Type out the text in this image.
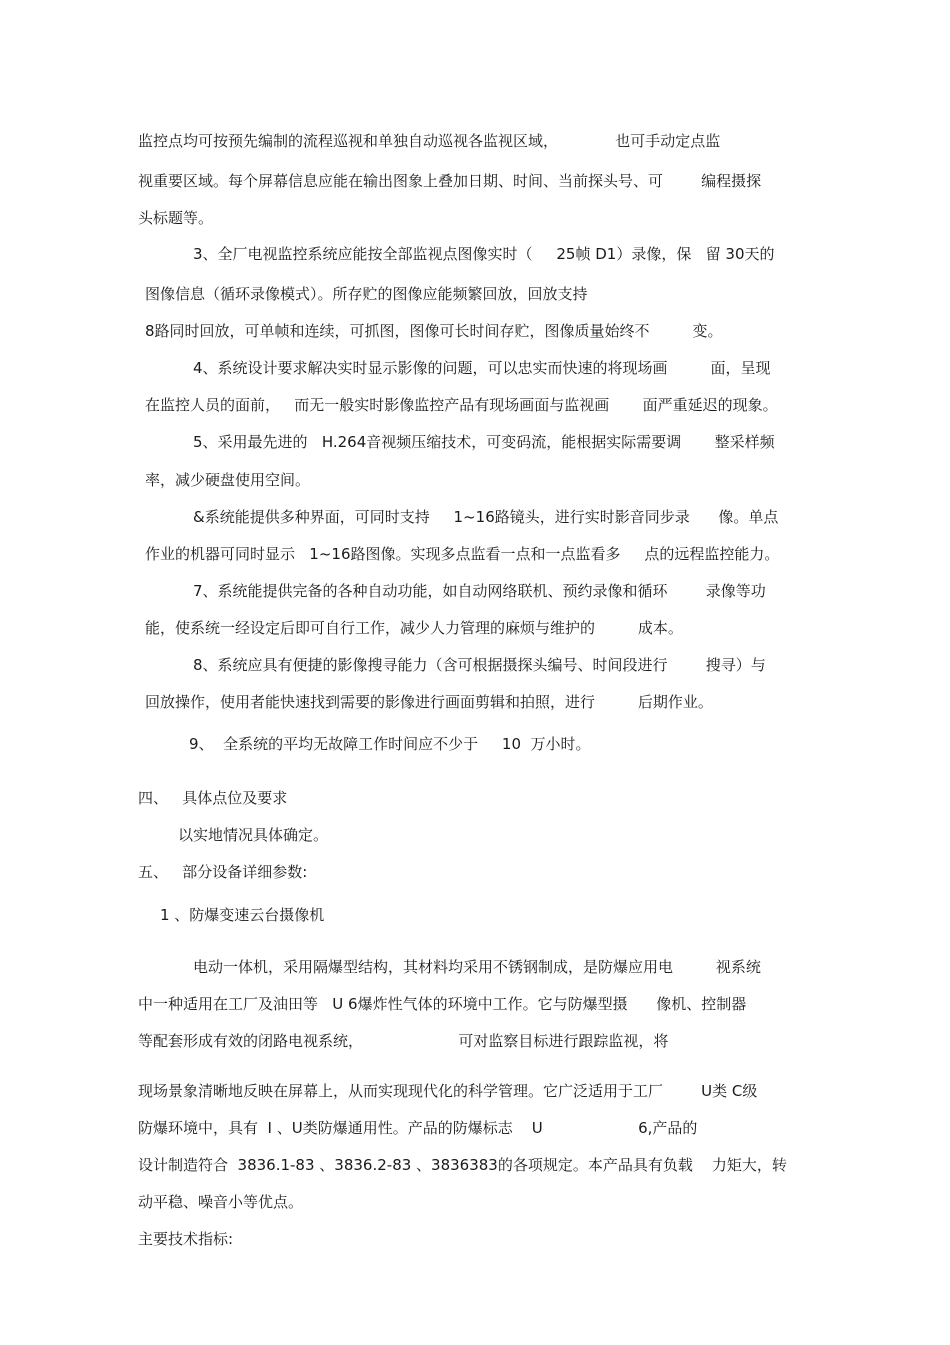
监控点均可按预先编制的流程巡视和单独自动巡视各监视区域，            也可手动定点监

视重要区域。每个屏幕信息应能在输出图象上叠加日期、时间、当前探头号、可        编程摄探

头标题等。

3、全厂电视监控系统应能按全部监视点图像实时（     25帧 D1）录像，保   留 30天的

图像信息（循环录像模式）。所存贮的图像应能频繁回放，回放支持

8路同时回放，可单帧和连续，可抓图，图像可长时间存贮，图像质量始终不         变。

4、系统设计要求解决实时显示影像的问题，可以忠实而快速的将现场画         面，呈现

在监控人员的面前，   而无一般实时影像监控产品有现场画面与监视画       面严重延迟的现象。

5、采用最先进的   H.264音视频压缩技术，可变码流，能根据实际需要调       整采样频

率，减少硬盘使用空间。

&系统能提供多种界面，可同时支持     1~16路镜头，进行实时影音同步录      像。单点

作业的机器可同时显示   1~16路图像。实现多点监看一点和一点监看多     点的远程监控能力。

7、系统能提供完备的各种自动功能，如自动网络联机、预约录像和循环        录像等功

能，使系统一经设定后即可自行工作，减少人力管理的麻烦与维护的         成本。

8、系统应具有便捷的影像搜寻能力（含可根据摄探头编号、时间段进行        搜寻）与

回放操作，使用者能快速找到需要的影像进行画面剪辑和拍照，进行         后期作业。

9、  全系统的平均无故障工作时间应不少于     10  万小时。

四、   具体点位及要求

以实地情况具体确定。

五、   部分设备详细参数:

1 、防爆变速云台摄像机

电动一体机，采用隔爆型结构，其材料均采用不锈钢制成，是防爆应用电         视系统

中一种适用在工厂及油田等   U 6爆炸性气体的环境中工作。它与防爆型摄      像机、控制器

等配套形成有效的闭路电视系统，                    可对监察目标进行跟踪监视，将

现场景象清晰地反映在屏幕上，从而实现现代化的科学管理。它广泛适用于工厂        U类 C级

防爆环境中，具有  I 、U类防爆通用性。产品的防爆标志    U                    6,产品的

设计制造符合  3836.1-83 、3836.2-83 、3836383的各项规定。本产品具有负载    力矩大，转

动平稳、噪音小等优点。

主要技术指标:
